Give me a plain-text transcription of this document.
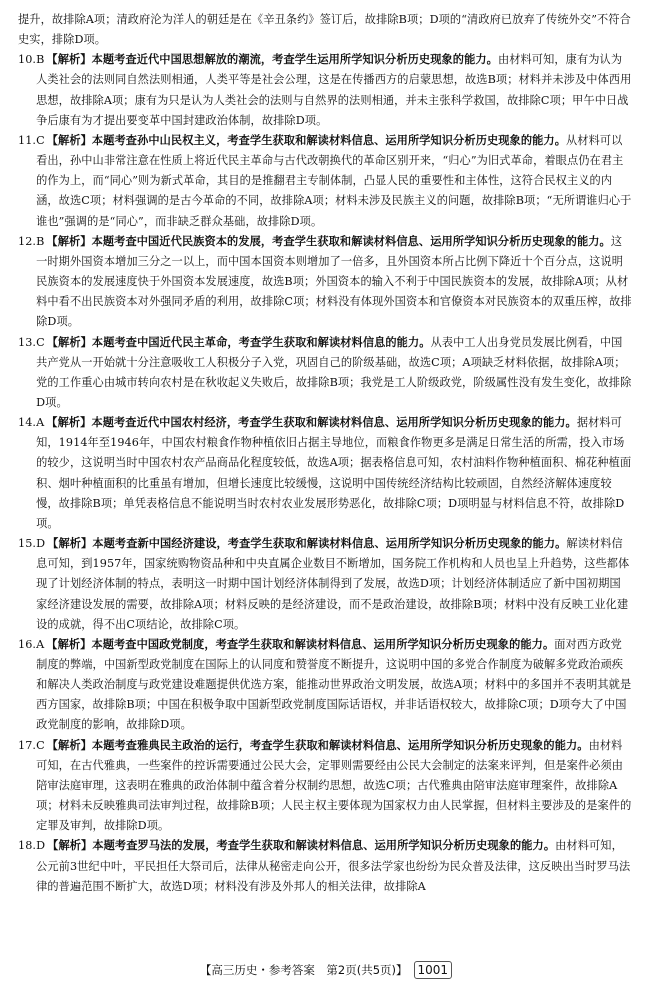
提升，故排除A项；清政府沦为洋人的朝廷是在《辛丑条约》签订后，故排除B项；D项的“清政府已放弃了传统外交”不符合史实，排除D项。

10. B 【解析】本题考查近代中国思想解放的潮流，考查学生运用所学知识分析历史现象的能力。由材料可知，康有为认为人类社会的法则同自然法则相通，人类平等是社会公理，这是在传播西方的启蒙思想，故选B项；材料并未涉及中体西用思想，故排除A项；康有为只是认为人类社会的法则与自然界的法则相通，并未主张科学救国，故排除C项；甲午中日战争后康有为才提出要变革中国封建政治体制，故排除D项。
11. C 【解析】本题考查孙中山民权主义，考查学生获取和解读材料信息、运用所学知识分析历史现象的能力。从材料可以看出，孙中山非常注意在性质上将近代民主革命与古代改朝换代的革命区别开来，“归心”为旧式革命，着眼点仍在君主的作为上，而“同心”则为新式革命，其目的是推翻君主专制体制，凸显人民的重要性和主体性，这符合民权主义的内涵，故选C项；材料强调的是古今革命的不同，故排除A项；材料未涉及民族主义的问题，故排除B项；“无所谓谁归心于谁也”强调的是“同心”，而非缺乏群众基础，故排除D项。
12. B 【解析】本题考查中国近代民族资本的发展，考查学生获取和解读材料信息、运用所学知识分析历史现象的能力。这一时期外国资本增加三分之一以上，而中国本国资本则增加了一倍多，且外国资本所占比例下降近十个百分点，这说明民族资本的发展速度快于外国资本发展速度，故选B项；外国资本的输入不利于中国民族资本的发展，故排除A项；从材料中看不出民族资本对外强同矛盾的利用，故排除C项；材料没有体现外国资本和官僚资本对民族资本的双重压榨，故排除D项。
13. C 【解析】本题考查中国近代民主革命，考查学生获取和解读材料信息的能力。从表中工人出身党员发展比例看，中国共产党从一开始就十分注意吸收工人积极分子入党，巩固自己的阶级基础，故选C项；A项缺乏材料依据，故排除A项；党的工作重心由城市转向农村是在秋收起义失败后，故排除B项；我党是工人阶级政党，阶级属性没有发生变化，故排除D项。
14. A 【解析】本题考查近代中国农村经济，考查学生获取和解读材料信息、运用所学知识分析历史现象的能力。据材料可知，1914年至1946年，中国农村粮食作物种植依旧占据主导地位，而粮食作物更多是满足日常生活的所需，投入市场的较少，这说明当时中国农村农产品商品化程度较低，故选A项；据表格信息可知，农村油料作物种植面积、棉花种植面积、烟叶种植面积的比重虽有增加，但增长速度比较缓慢，这说明中国传统经济结构比较顽固，自然经济解体速度较慢，故排除B项；单凭表格信息不能说明当时农村农业发展形势恶化，故排除C项；D项明显与材料信息不符，故排除D项。
15. D 【解析】本题考查新中国经济建设，考查学生获取和解读材料信息、运用所学知识分析历史现象的能力。解读材料信息可知，到1957年，国家统购物资品种和中央直属企业数目不断增加，国务院工作机构和人员也呈上升趋势，这些都体现了计划经济体制的特点，表明这一时期中国计划经济体制得到了发展，故选D项；计划经济体制适应了新中国初期国家经济建设发展的需要，故排除A项；材料反映的是经济建设，而不是政治建设，故排除B项；材料中没有反映工业化建设的成就，得不出C项结论，故排除C项。
16. A 【解析】本题考查中国政党制度，考查学生获取和解读材料信息、运用所学知识分析历史现象的能力。面对西方政党制度的弊端，中国新型政党制度在国际上的认同度和赞誉度不断提升，这说明中国的多党合作制度为破解多党政治顽疾和解决人类政治制度与政党建设难题提供优选方案，能推动世界政治文明发展，故选A项；材料中的多国并不表明其就是西方国家，故排除B项；中国在积极争取中国新型政党制度国际话语权，并非话语权较大，故排除C项；D项夸大了中国政党制度的影响，故排除D项。
17. C 【解析】本题考查雅典民主政治的运行，考查学生获取和解读材料信息、运用所学知识分析历史现象的能力。由材料可知，在古代雅典，一些案件的控诉需要通过公民大会，定罪则需要经由公民大会制定的法案来评判，但是案件必须由陪审法庭审理，这表明在雅典的政治体制中蕴含着分权制约思想，故选C项；古代雅典由陪审法庭审理案件，故排除A项；材料未反映雅典司法审判过程，故排除B项；人民主权主要体现为国家权力由人民掌握，但材料主要涉及的是案件的定罪及审判，故排除D项。
18. D 【解析】本题考查罗马法的发展，考查学生获取和解读材料信息、运用所学知识分析历史现象的能力。由材料可知，公元前3世纪中叶，平民担任大祭司后，法律从秘密走向公开，很多法学家也纷纷为民众普及法律，这反映出当时罗马法律的普遍范围不断扩大，故选D项；材料没有涉及外邦人的相关法律，故排除A
【高三历史・参考答案　第2页(共5页)】 1001
